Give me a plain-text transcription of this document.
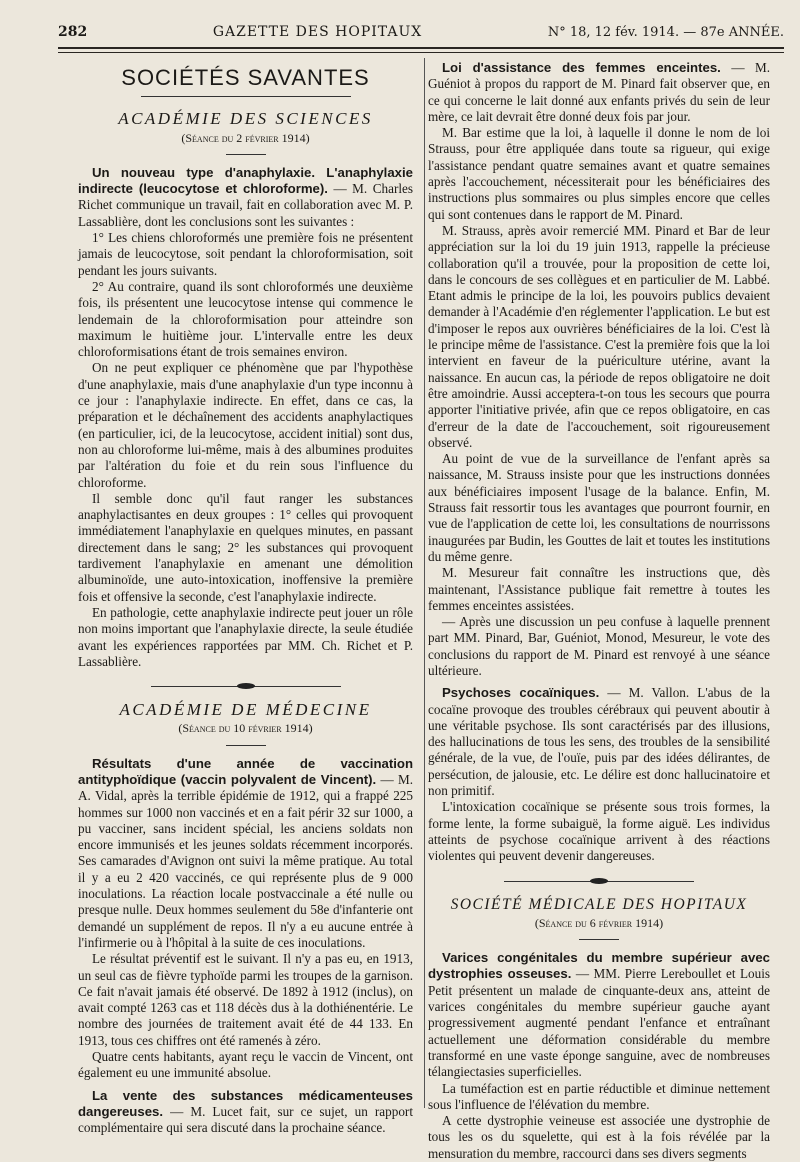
282	GAZETTE DES HOPITAUX	N° 18, 12 fév. 1914. — 87e ANNÉE.
SOCIÉTÉS SAVANTES
ACADÉMIE DES SCIENCES
(Séance du 2 février 1914)

Un nouveau type d'anaphylaxie. L'anaphylaxie indirecte (leucocytose et chloroforme). — M. Charles Richet communique un travail, fait en collaboration avec M. P. Lassablière, dont les conclusions sont les suivantes :

1° Les chiens chloroformés une première fois ne présentent jamais de leucocytose, soit pendant la chloroformisation, soit pendant les jours suivants.

2° Au contraire, quand ils sont chloroformés une deuxième fois, ils présentent une leucocytose intense qui commence le lendemain de la chloroformisation pour atteindre son maximum le huitième jour. L'intervalle entre les deux chloroformisations étant de trois semaines environ.

On ne peut expliquer ce phénomène que par l'hypothèse d'une anaphylaxie, mais d'une anaphylaxie d'un type inconnu à ce jour : l'anaphylaxie indirecte. En effet, dans ce cas, la préparation et le déchaînement des accidents anaphylactiques (en particulier, ici, de la leucocytose, accident initial) sont dus, non au chloroforme lui-même, mais à des albumines produites par l'altération du foie et du rein sous l'influence du chloroforme.

Il semble donc qu'il faut ranger les substances anaphylactisantes en deux groupes : 1° celles qui provoquent immédiatement l'anaphylaxie en quelques minutes, en passant directement dans le sang; 2° les substances qui provoquent tardivement l'anaphylaxie en amenant une démolition albuminoïde, une auto-intoxication, inoffensive la première fois et offensive la seconde, c'est l'anaphylaxie indirecte.

En pathologie, cette anaphylaxie indirecte peut jouer un rôle non moins important que l'anaphylaxie directe, la seule étudiée avant les expériences rapportées par MM. Ch. Richet et P. Lassablière.

ACADÉMIE DE MÉDECINE
(Séance du 10 février 1914)

Résultats d'une année de vaccination antityphoïdique (vaccin polyvalent de Vincent). — M. A. Vidal, après la terrible épidémie de 1912, qui a frappé 225 hommes sur 1000 non vaccinés et en a fait périr 32 sur 1000, a pu vacciner, sans incident spécial, les anciens soldats non encore immunisés et les jeunes soldats récemment incorporés. Ses camarades d'Avignon ont suivi la même pratique. Au total il y a eu 2 420 vaccinés, ce qui représente plus de 9 000 inoculations. La réaction locale postvaccinale a été nulle ou presque nulle. Deux hommes seulement du 58e d'infanterie ont demandé un supplément de repos. Il n'y a eu aucune entrée à l'infirmerie ou à l'hôpital à la suite de ces inoculations.

Le résultat préventif est le suivant. Il n'y a pas eu, en 1913, un seul cas de fièvre typhoïde parmi les troupes de la garnison. Ce fait n'avait jamais été observé. De 1892 à 1912 (inclus), on avait compté 1263 cas et 118 décès dus à la dothiénentérie. Le nombre des journées de traitement avait été de 44 133. En 1913, tous ces chiffres ont été ramenés à zéro.

Quatre cents habitants, ayant reçu le vaccin de Vincent, ont également eu une immunité absolue.

La vente des substances médicamenteuses dangereuses. — M. Lucet fait, sur ce sujet, un rapport complémentaire qui sera discuté dans la prochaine séance.

Loi d'assistance des femmes enceintes. — M. Guéniot à propos du rapport de M. Pinard fait observer que, en ce qui concerne le lait donné aux enfants privés du sein de leur mère, ce lait devrait être donné deux fois par jour.

M. Bar estime que la loi, à laquelle il donne le nom de loi Strauss, pour être appliquée dans toute sa rigueur, qui exige l'assistance pendant quatre semaines avant et quatre semaines après l'accouchement, nécessiterait pour les bénéficiaires des instructions plus sommaires ou plus simples encore que celles qui sont contenues dans le rapport de M. Pinard.

M. Strauss, après avoir remercié MM. Pinard et Bar de leur appréciation sur la loi du 19 juin 1913, rappelle la précieuse collaboration qu'il a trouvée, pour la proposition de cette loi, dans le concours de ses collègues et en particulier de M. Labbé. Etant admis le principe de la loi, les pouvoirs publics devaient demander à l'Académie d'en réglementer l'application. Le but est d'imposer le repos aux ouvrières bénéficiaires de la loi. C'est là le principe même de l'assistance. C'est la première fois que la loi intervient en faveur de la puériculture utérine, avant la naissance. En aucun cas, la période de repos obligatoire ne doit être amoindrie. Aussi acceptera-t-on tous les secours que pourra apporter l'initiative privée, afin que ce repos obligatoire, en cas d'erreur de la date de l'accouchement, soit rigoureusement observé.

Au point de vue de la surveillance de l'enfant après sa naissance, M. Strauss insiste pour que les instructions données aux bénéficiaires imposent l'usage de la balance. Enfin, M. Strauss fait ressortir tous les avantages que pourront fournir, en vue de l'application de cette loi, les consultations de nourrissons inaugurées par Budin, les Gouttes de lait et toutes les institutions du même genre.

M. Mesureur fait connaître les instructions que, dès maintenant, l'Assistance publique fait remettre à toutes les femmes enceintes assistées.

— Après une discussion un peu confuse à laquelle prennent part MM. Pinard, Bar, Guéniot, Monod, Mesureur, le vote des conclusions du rapport de M. Pinard est renvoyé à une séance ultérieure.

Psychoses cocaïniques. — M. Vallon. L'abus de la cocaïne provoque des troubles cérébraux qui peuvent aboutir à une véritable psychose. Ils sont caractérisés par des illusions, des hallucinations de tous les sens, des troubles de la sensibilité générale, de la vue, de l'ouïe, puis par des idées délirantes, de persécution, de jalousie, etc. Le délire est donc hallucinatoire et non primitif.

L'intoxication cocaïnique se présente sous trois formes, la forme lente, la forme subaiguë, la forme aiguë. Les individus atteints de psychose cocaïnique arrivent à des réactions violentes qui peuvent devenir dangereuses.

SOCIÉTÉ MÉDICALE DES HOPITAUX
(Séance du 6 février 1914)

Varices congénitales du membre supérieur avec dystrophies osseuses. — MM. Pierre Lereboullet et Louis Petit présentent un malade de cinquante-deux ans, atteint de varices congénitales du membre supérieur gauche ayant progressivement augmenté pendant l'enfance et entraînant actuellement une déformation considérable du membre transformé en une vaste éponge sanguine, avec de nombreuses télangiectasies superficielles.

La tuméfaction est en partie réductible et diminue nettement sous l'influence de l'élévation du membre.

A cette dystrophie veineuse est associée une dystrophie de tous les os du squelette, qui est à la fois révélée par la mensuration du membre, raccourci dans ses divers segments
